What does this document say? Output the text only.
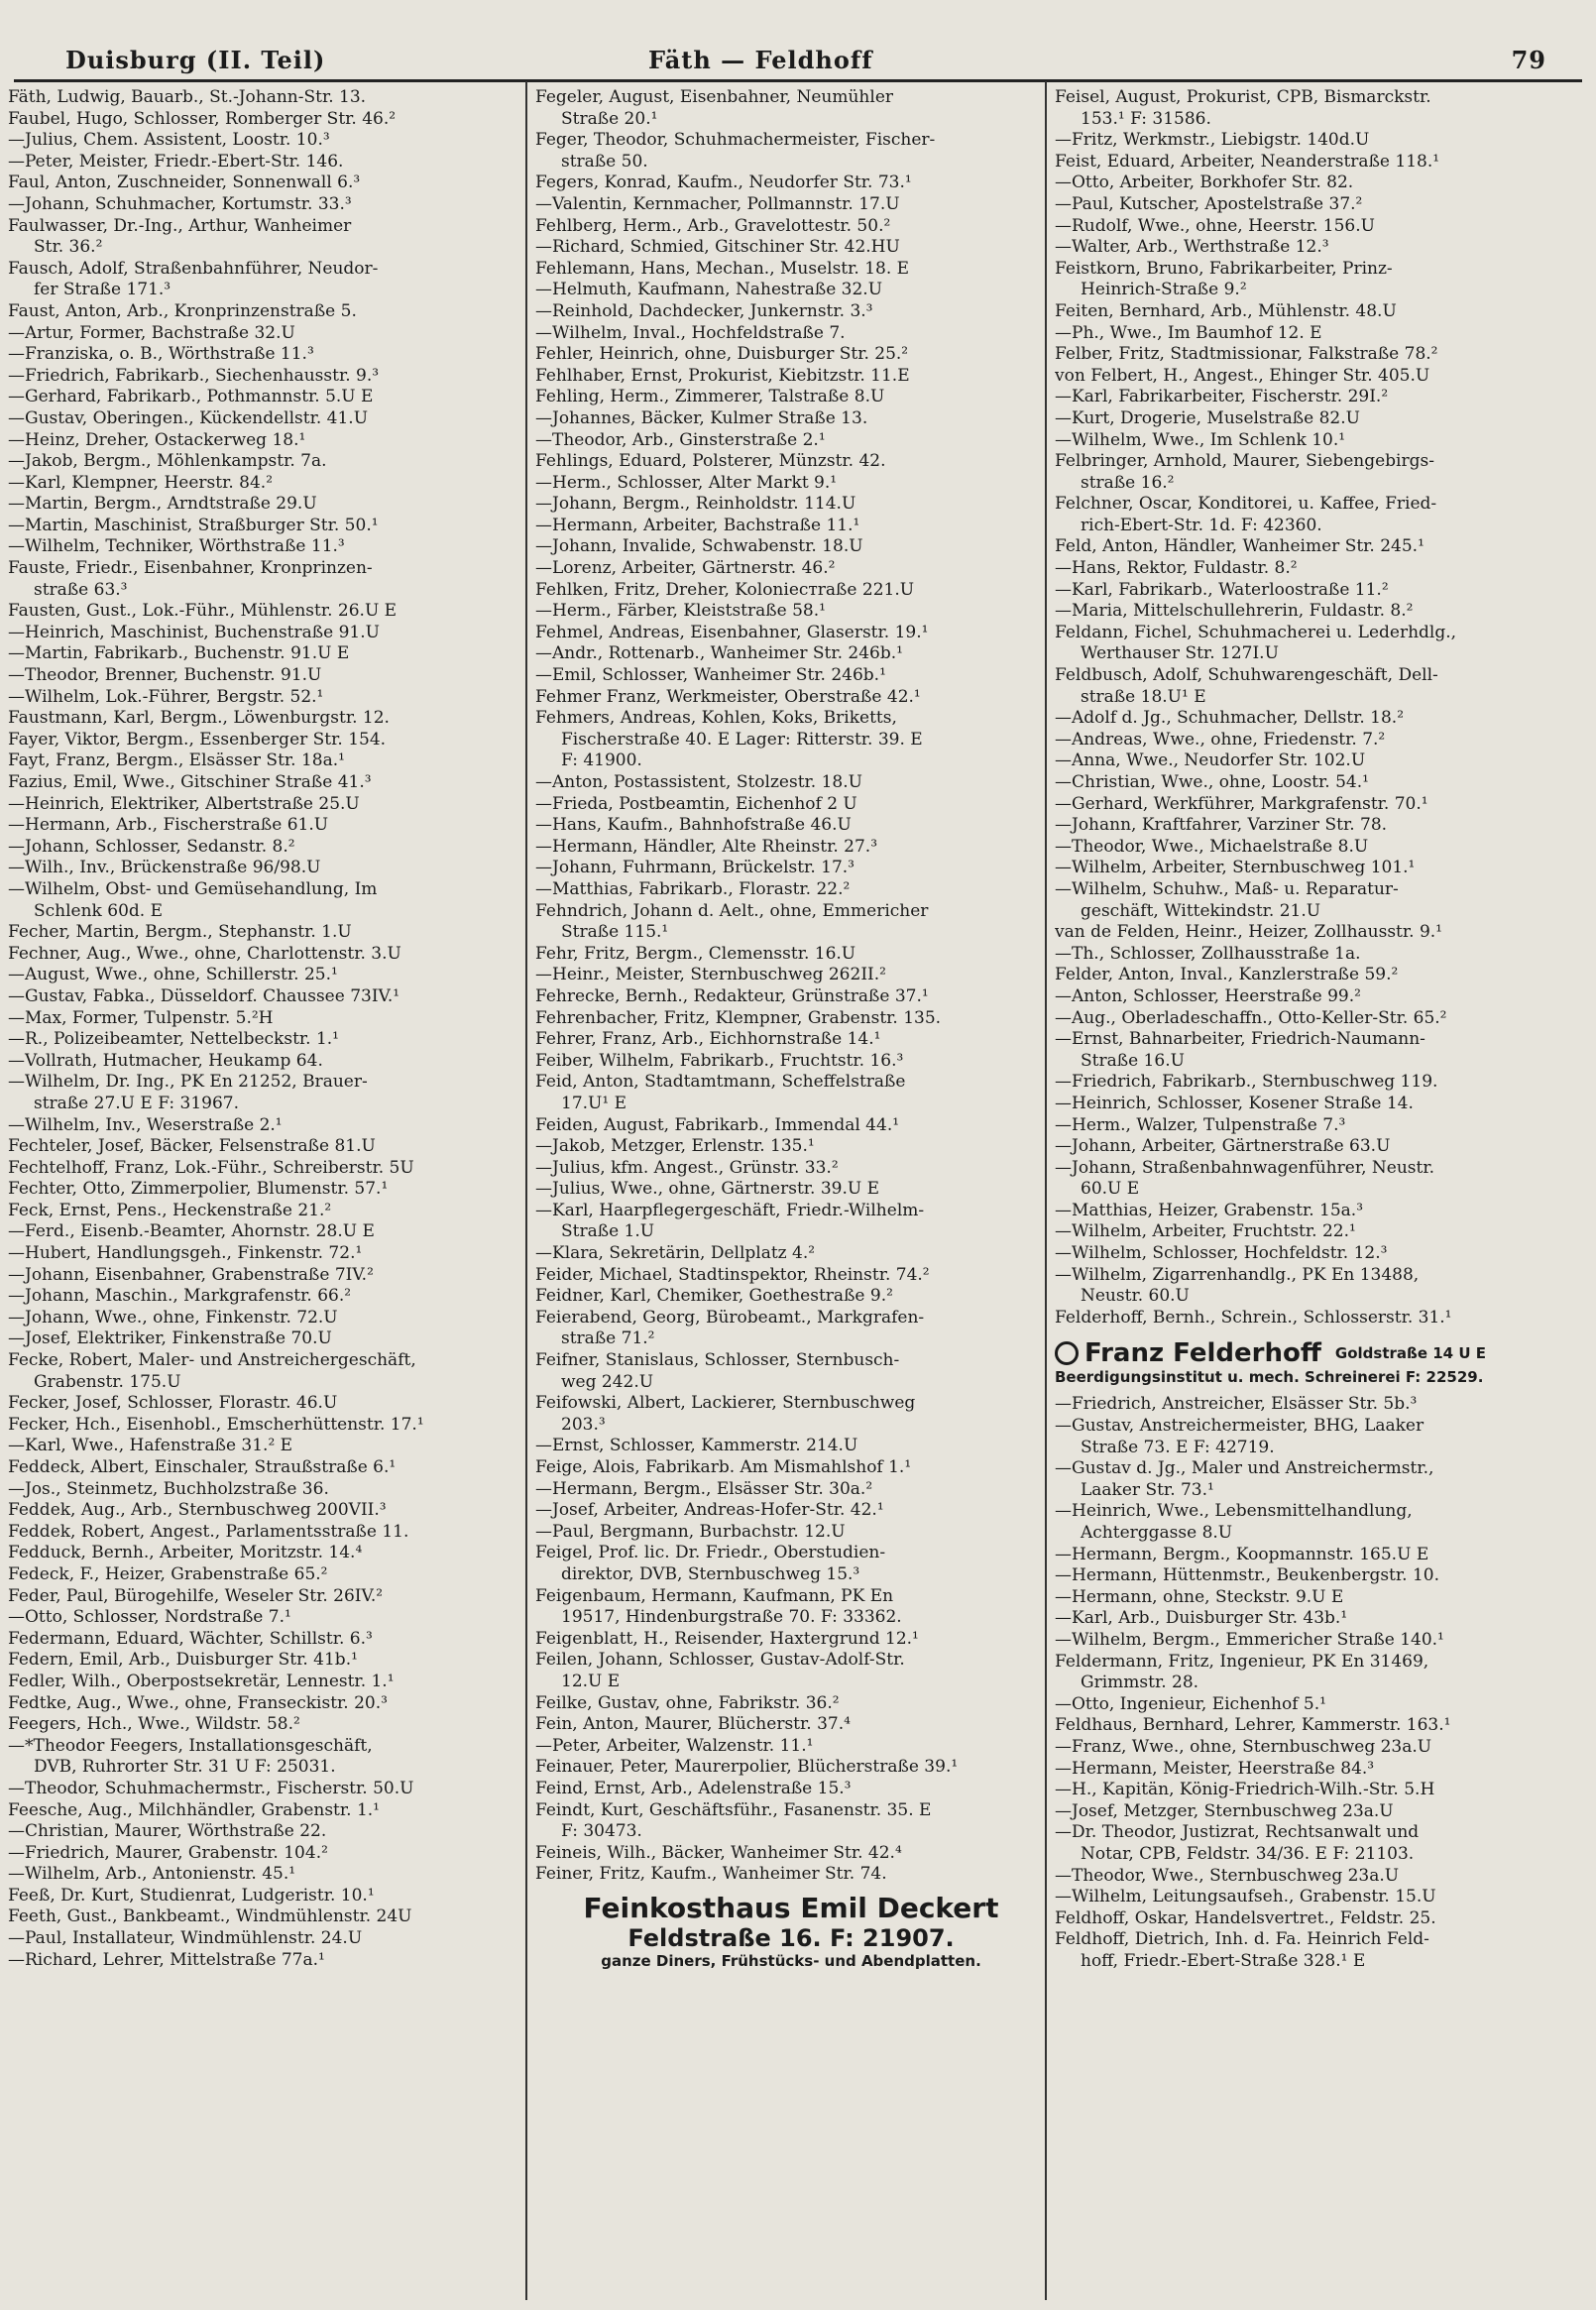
Duisburg (II. Teil)	Fäth — Feldhoff	79
Fäth, Ludwig, Bauarb., St.-Johann-Str. 13.
Faubel, Hugo, Schlosser, Romberger Str. 46.²
—Julius, Chem. Assistent, Loostr. 10.³
—Peter, Meister, Friedr.-Ebert-Str. 146.
Faul, Anton, Zuschneider, Sonnenwall 6.³
—Johann, Schuhmacher, Kortumstr. 33.³
Faulwasser, Dr.-Ing., Arthur, Wanheimer
Str. 36.²
Fausch, Adolf, Straßenbahnführer, Neudor-
fer Straße 171.³
Faust, Anton, Arb., Kronprinzenstraße 5.
—Artur, Former, Bachstraße 32.U
—Franziska, o. B., Wörthstraße 11.³
—Friedrich, Fabrikarb., Siechenhausstr. 9.³
—Gerhard, Fabrikarb., Pothmannstr. 5.U E
—Gustav, Oberingen., Kückendellstr. 41.U
—Heinz, Dreher, Ostackerweg 18.¹
—Jakob, Bergm., Möhlenkampstr. 7a.
—Karl, Klempner, Heerstr. 84.²
—Martin, Bergm., Arndtstraße 29.U
—Martin, Maschinist, Straßburger Str. 50.¹
—Wilhelm, Techniker, Wörthstraße 11.³
Fauste, Friedr., Eisenbahner, Kronprinzen-
straße 63.³
Fausten, Gust., Lok.-Führ., Mühlenstr. 26.U E
—Heinrich, Maschinist, Buchenstraße 91.U
—Martin, Fabrikarb., Buchenstr. 91.U E
—Theodor, Brenner, Buchenstr. 91.U
—Wilhelm, Lok.-Führer, Bergstr. 52.¹
Faustmann, Karl, Bergm., Löwenburgstr. 12.
Fayer, Viktor, Bergm., Essenberger Str. 154.
Fayt, Franz, Bergm., Elsässer Str. 18a.¹
Fazius, Emil, Wwe., Gitschiner Straße 41.³
—Heinrich, Elektriker, Albertstraße 25.U
—Hermann, Arb., Fischerstraße 61.U
—Johann, Schlosser, Sedanstr. 8.²
—Wilh., Inv., Brückenstraße 96/98.U
—Wilhelm, Obst- und Gemüsehandlung, Im
Schlenk 60d. E
Fecher, Martin, Bergm., Stephanstr. 1.U
Fechner, Aug., Wwe., ohne, Charlottenstr. 3.U
—August, Wwe., ohne, Schillerstr. 25.¹
—Gustav, Fabka., Düsseldorf. Chaussee 73IV.¹
—Max, Former, Tulpenstr. 5.²H
—R., Polizeibeamter, Nettelbeckstr. 1.¹
—Vollrath, Hutmacher, Heukamp 64.
—Wilhelm, Dr. Ing., PK En 21252, Brauer-
straße 27.U E F: 31967.
—Wilhelm, Inv., Weserstraße 2.¹
Fechteler, Josef, Bäcker, Felsenstraße 81.U
Fechtelhoff, Franz, Lok.-Führ., Schreiberstr. 5U
Fechter, Otto, Zimmerpolier, Blumenstr. 57.¹
Feck, Ernst, Pens., Heckenstraße 21.²
—Ferd., Eisenb.-Beamter, Ahornstr. 28.U E
—Hubert, Handlungsgeh., Finkenstr. 72.¹
—Johann, Eisenbahner, Grabenstraße 7IV.²
—Johann, Maschin., Markgrafenstr. 66.²
—Johann, Wwe., ohne, Finkenstr. 72.U
—Josef, Elektriker, Finkenstraße 70.U
Fecke, Robert, Maler- und Anstreichergeschäft,
Grabenstr. 175.U
Fecker, Josef, Schlosser, Florastr. 46.U
Fecker, Hch., Eisenhobl., Emscherhüttenstr. 17.¹
—Karl, Wwe., Hafenstraße 31.² E
Feddeck, Albert, Einschaler, Straußstraße 6.¹
—Jos., Steinmetz, Buchholzstraße 36.
Feddek, Aug., Arb., Sternbuschweg 200VII.³
Feddek, Robert, Angest., Parlamentsstraße 11.
Fedduck, Bernh., Arbeiter, Moritzstr. 14.⁴
Fedeck, F., Heizer, Grabenstraße 65.²
Feder, Paul, Bürogehilfe, Weseler Str. 26IV.²
—Otto, Schlosser, Nordstraße 7.¹
Federmann, Eduard, Wächter, Schillstr. 6.³
Federn, Emil, Arb., Duisburger Str. 41b.¹
Fedler, Wilh., Oberpostsekretär, Lennestr. 1.¹
Fedtke, Aug., Wwe., ohne, Franseckistr. 20.³
Feegers, Hch., Wwe., Wildstr. 58.²
—*Theodor Feegers, Installationsgeschäft,
DVB, Ruhrorter Str. 31 U F: 25031.
—Theodor, Schuhmachermstr., Fischerstr. 50.U
Feesche, Aug., Milchhändler, Grabenstr. 1.¹
—Christian, Maurer, Wörthstraße 22.
—Friedrich, Maurer, Grabenstr. 104.²
—Wilhelm, Arb., Antonienstr. 45.¹
Feeß, Dr. Kurt, Studienrat, Ludgeristr. 10.¹
Feeth, Gust., Bankbeamt., Windmühlenstr. 24U
—Paul, Installateur, Windmühlenstr. 24.U
—Richard, Lehrer, Mittelstraße 77a.¹
Fegeler, August, Eisenbahner, Neumühler
Straße 20.¹
Feger, Theodor, Schuhmachermeister, Fischer-
straße 50.
Fegers, Konrad, Kaufm., Neudorfer Str. 73.¹
—Valentin, Kernmacher, Pollmannstr. 17.U
Fehlberg, Herm., Arb., Gravelottestr. 50.²
—Richard, Schmied, Gitschiner Str. 42.HU
Fehlemann, Hans, Mechan., Muselstr. 18. E
—Helmuth, Kaufmann, Nahestraße 32.U
—Reinhold, Dachdecker, Junkernstr. 3.³
—Wilhelm, Inval., Hochfeldstraße 7.
Fehler, Heinrich, ohne, Duisburger Str. 25.²
Fehlhaber, Ernst, Prokurist, Kiebitzstr. 11.E
Fehling, Herm., Zimmerer, Talstraße 8.U
—Johannes, Bäcker, Kulmer Straße 13.
—Theodor, Arb., Ginsterstraße 2.¹
Fehlings, Eduard, Polsterer, Münzstr. 42.
—Herm., Schlosser, Alter Markt 9.¹
—Johann, Bergm., Reinholdstr. 114.U
—Hermann, Arbeiter, Bachstraße 11.¹
—Johann, Invalide, Schwabenstr. 18.U
—Lorenz, Arbeiter, Gärtnerstr. 46.²
Fehlken, Fritz, Dreher, Kolonieстraße 221.U
—Herm., Färber, Kleiststraße 58.¹
Fehmel, Andreas, Eisenbahner, Glaserstr. 19.¹
—Andr., Rottenarb., Wanheimer Str. 246b.¹
—Emil, Schlosser, Wanheimer Str. 246b.¹
Fehmer Franz, Werkmeister, Oberstraße 42.¹
Fehmers, Andreas, Kohlen, Koks, Briketts,
Fischerstraße 40. E Lager: Ritterstr. 39. E
F: 41900.
—Anton, Postassistent, Stolzestr. 18.U
—Frieda, Postbeamtin, Eichenhof 2 U
—Hans, Kaufm., Bahnhofstraße 46.U
—Hermann, Händler, Alte Rheinstr. 27.³
—Johann, Fuhrmann, Brückelstr. 17.³
—Matthias, Fabrikarb., Florastr. 22.²
Fehndrich, Johann d. Aelt., ohne, Emmericher
Straße 115.¹
Fehr, Fritz, Bergm., Clemensstr. 16.U
—Heinr., Meister, Sternbuschweg 262II.²
Fehrecke, Bernh., Redakteur, Grünstraße 37.¹
Fehrenbacher, Fritz, Klempner, Grabenstr. 135.
Fehrer, Franz, Arb., Eichhornstraße 14.¹
Feiber, Wilhelm, Fabrikarb., Fruchtstr. 16.³
Feid, Anton, Stadtamtmann, Scheffelstraße
17.U¹ E
Feiden, August, Fabrikarb., Immendal 44.¹
—Jakob, Metzger, Erlenstr. 135.¹
—Julius, kfm. Angest., Grünstr. 33.²
—Julius, Wwe., ohne, Gärtnerstr. 39.U E
—Karl, Haarpflegergeschäft, Friedr.-Wilhelm-
Straße 1.U
—Klara, Sekretärin, Dellplatz 4.²
Feider, Michael, Stadtinspektor, Rheinstr. 74.²
Feidner, Karl, Chemiker, Goethestraße 9.²
Feierabend, Georg, Bürobeamt., Markgrafen-
straße 71.²
Feifner, Stanislaus, Schlosser, Sternbusch-
weg 242.U
Feifowski, Albert, Lackierer, Sternbuschweg
203.³
—Ernst, Schlosser, Kammerstr. 214.U
Feige, Alois, Fabrikarb. Am Mismahlshof 1.¹
—Hermann, Bergm., Elsässer Str. 30a.²
—Josef, Arbeiter, Andreas-Hofer-Str. 42.¹
—Paul, Bergmann, Burbachstr. 12.U
Feigel, Prof. lic. Dr. Friedr., Oberstudien-
direktor, DVB, Sternbuschweg 15.³
Feigenbaum, Hermann, Kaufmann, PK En
19517, Hindenburgstraße 70. F: 33362.
Feigenblatt, H., Reisender, Haxtergrund 12.¹
Feilen, Johann, Schlosser, Gustav-Adolf-Str.
12.U E
Feilke, Gustav, ohne, Fabrikstr. 36.²
Fein, Anton, Maurer, Blücherstr. 37.⁴
—Peter, Arbeiter, Walzenstr. 11.¹
Feinauer, Peter, Maurerpolier, Blücherstraße 39.¹
Feind, Ernst, Arb., Adelenstraße 15.³
Feindt, Kurt, Geschäftsführ., Fasanenstr. 35. E
F: 30473.
Feineis, Wilh., Bäcker, Wanheimer Str. 42.⁴
Feiner, Fritz, Kaufm., Wanheimer Str. 74.
Feinkosthaus Emil Deckert
Feldstraße 16. F: 21907.
ganze Diners, Frühstücks- und Abendplatten.
Feisel, August, Prokurist, CPB, Bismarckstr.
153.¹ F: 31586.
—Fritz, Werkmstr., Liebigstr. 140d.U
Feist, Eduard, Arbeiter, Neanderstraße 118.¹
—Otto, Arbeiter, Borkhofer Str. 82.
—Paul, Kutscher, Apostelstraße 37.²
—Rudolf, Wwe., ohne, Heerstr. 156.U
—Walter, Arb., Werthstraße 12.³
Feistkorn, Bruno, Fabrikarbeiter, Prinz-
Heinrich-Straße 9.²
Feiten, Bernhard, Arb., Mühlenstr. 48.U
—Ph., Wwe., Im Baumhof 12. E
Felber, Fritz, Stadtmissionar, Falkstraße 78.²
von Felbert, H., Angest., Ehinger Str. 405.U
—Karl, Fabrikarbeiter, Fischerstr. 29I.²
—Kurt, Drogerie, Muselstraße 82.U
—Wilhelm, Wwe., Im Schlenk 10.¹
Felbringer, Arnhold, Maurer, Siebengebirgs-
straße 16.²
Felchner, Oscar, Konditorei, u. Kaffee, Fried-
rich-Ebert-Str. 1d. F: 42360.
Feld, Anton, Händler, Wanheimer Str. 245.¹
—Hans, Rektor, Fuldastr. 8.²
—Karl, Fabrikarb., Waterloostraße 11.²
—Maria, Mittelschullehrerin, Fuldastr. 8.²
Feldann, Fichel, Schuhmacherei u. Lederhdlg.,
Werthauser Str. 127I.U
Feldbusch, Adolf, Schuhwarengeschäft, Dell-
straße 18.U¹ E
—Adolf d. Jg., Schuhmacher, Dellstr. 18.²
—Andreas, Wwe., ohne, Friedenstr. 7.²
—Anna, Wwe., Neudorfer Str. 102.U
—Christian, Wwe., ohne, Loostr. 54.¹
—Gerhard, Werkführer, Markgrafenstr. 70.¹
—Johann, Kraftfahrer, Varziner Str. 78.
—Theodor, Wwe., Michaelstraße 8.U
—Wilhelm, Arbeiter, Sternbuschweg 101.¹
—Wilhelm, Schuhw., Maß- u. Reparatur-
geschäft, Wittekindstr. 21.U
van de Felden, Heinr., Heizer, Zollhausstr. 9.¹
—Th., Schlosser, Zollhausstraße 1a.
Felder, Anton, Inval., Kanzlerstraße 59.²
—Anton, Schlosser, Heerstraße 99.²
—Aug., Oberladeschaffn., Otto-Keller-Str. 65.²
—Ernst, Bahnarbeiter, Friedrich-Naumann-
Straße 16.U
—Friedrich, Fabrikarb., Sternbuschweg 119.
—Heinrich, Schlosser, Kosener Straße 14.
—Herm., Walzer, Tulpenstraße 7.³
—Johann, Arbeiter, Gärtnerstraße 63.U
—Johann, Straßenbahnwagenführer, Neustr.
60.U E
—Matthias, Heizer, Grabenstr. 15a.³
—Wilhelm, Arbeiter, Fruchtstr. 22.¹
—Wilhelm, Schlosser, Hochfeldstr. 12.³
—Wilhelm, Zigarrenhandlg., PK En 13488,
Neustr. 60.U
Felderhoff, Bernh., Schrein., Schlosserstr. 31.¹
Franz Felderhoff Goldstraße 14 U E
Beerdigungsinstitut u. mech. Schreinerei F: 22529.
—Friedrich, Anstreicher, Elsässer Str. 5b.³
—Gustav, Anstreichermeister, BHG, Laaker
Straße 73. E F: 42719.
—Gustav d. Jg., Maler und Anstreichermstr.,
Laaker Str. 73.¹
—Heinrich, Wwe., Lebensmittelhandlung,
Achterggasse 8.U
—Hermann, Bergm., Koopmannstr. 165.U E
—Hermann, Hüttenmstr., Beukenbergstr. 10.
—Hermann, ohne, Steckstr. 9.U E
—Karl, Arb., Duisburger Str. 43b.¹
—Wilhelm, Bergm., Emmericher Straße 140.¹
Feldermann, Fritz, Ingenieur, PK En 31469,
Grimmstr. 28.
—Otto, Ingenieur, Eichenhof 5.¹
Feldhaus, Bernhard, Lehrer, Kammerstr. 163.¹
—Franz, Wwe., ohne, Sternbuschweg 23a.U
—Hermann, Meister, Heerstraße 84.³
—H., Kapitän, König-Friedrich-Wilh.-Str. 5.H
—Josef, Metzger, Sternbuschweg 23a.U
—Dr. Theodor, Justizrat, Rechtsanwalt und
Notar, CPB, Feldstr. 34/36. E F: 21103.
—Theodor, Wwe., Sternbuschweg 23a.U
—Wilhelm, Leitungsaufseh., Grabenstr. 15.U
Feldhoff, Oskar, Handelsvertret., Feldstr. 25.
Feldhoff, Dietrich, Inh. d. Fa. Heinrich Feld-
hoff, Friedr.-Ebert-Straße 328.¹ E
